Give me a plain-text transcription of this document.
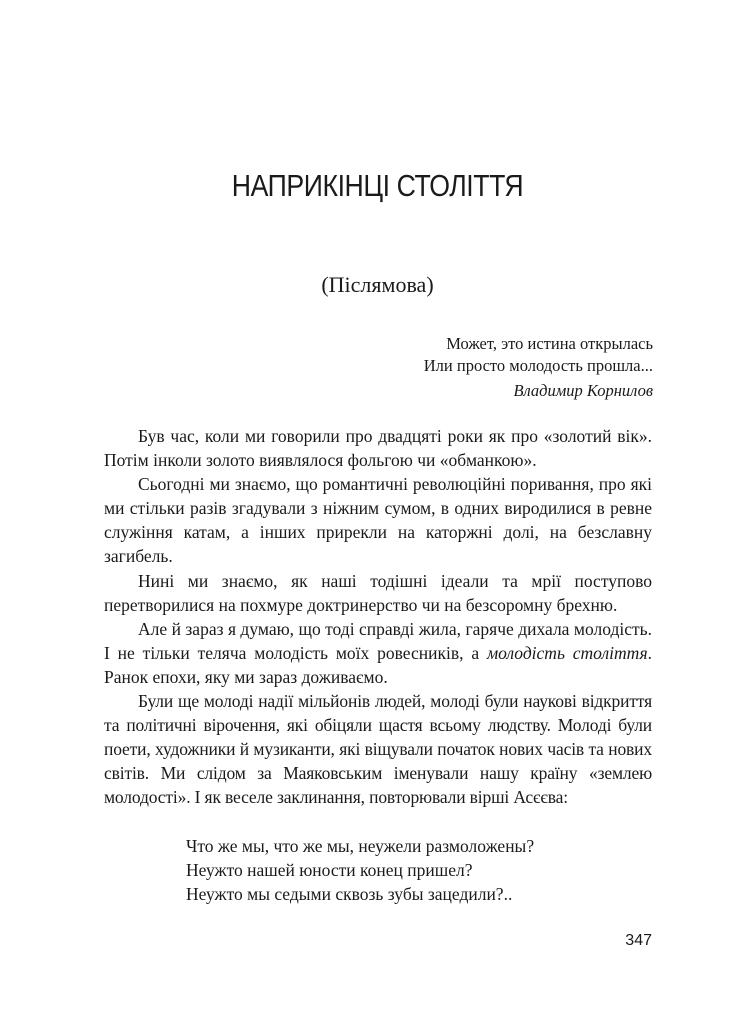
НАПРИКІНЦІ СТОЛІТТЯ
(Післямова)
Может, это истина открылась
Или просто молодость прошла...
Владимир Корнилов

Був час, коли ми говорили про двадцяті роки як про «золотий вік». Потім інколи золото виявлялося фольгою чи «обманкою».

Сьогодні ми знаємо, що романтичні революційні поривання, про які ми стільки разів згадували з ніжним сумом, в одних виродилися в ревне служіння катам, а інших прирекли на каторжні долі, на безславну загибель.

Нині ми знаємо, як наші тодішні ідеали та мрії поступово перетворилися на похмуре доктринерство чи на безсоромну брехню.

Але й зараз я думаю, що тоді справді жила, гаряче дихала молодість. І не тільки теляча молодість моїх ровесників, а молодість століття. Ранок епохи, яку ми зараз доживаємо.

Були ще молоді надії мільйонів людей, молоді були наукові відкриття та політичні вірочення, які обіцяли щастя всьому людству. Молоді були поети, художники й музиканти, які віщували початок нових часів та нових світів. Ми слідом за Маяковським іменували нашу країну «землею молодості». І як веселе заклинання, повторювали вірші Асєєва:

Что же мы, что же мы, неужели размоложены?
Неужто нашей юности конец пришел?
Неужто мы седыми сквозь зубы зацедили?..
347
